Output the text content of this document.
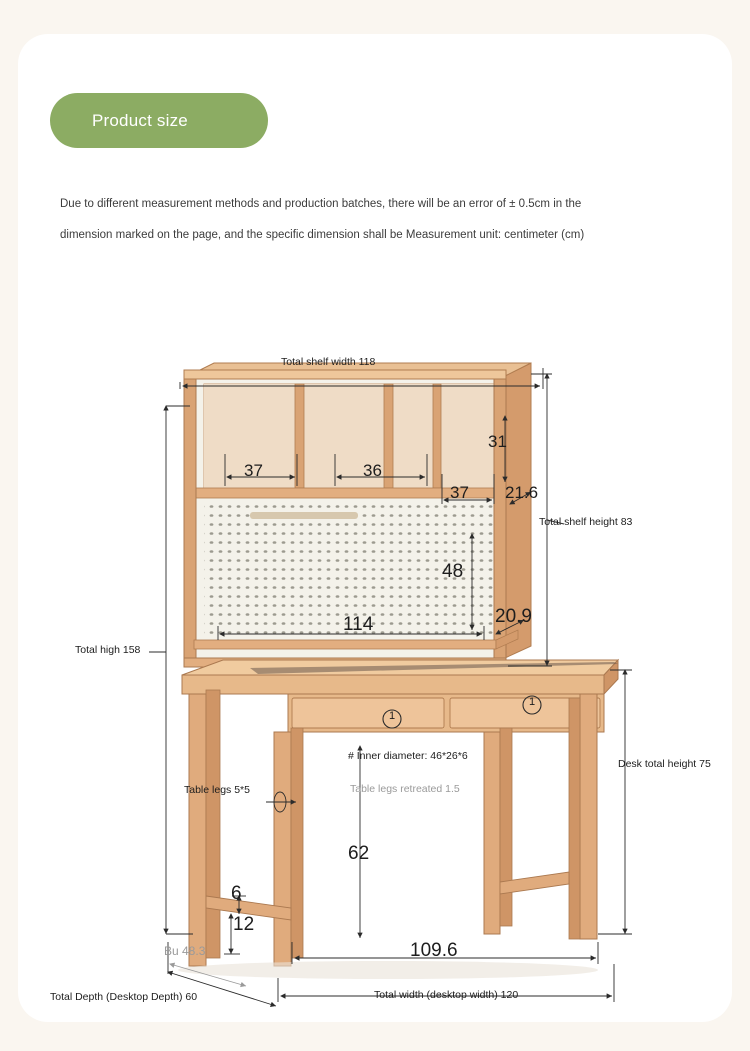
Product size
Due to different measurement methods and production batches, there will be an error of ± 0.5cm in the
dimension marked on the page, and the specific dimension shall be Measurement unit: centimeter (cm)
Total shelf width 118
37	36
37
31
21.6
Total shelf height 83
48
114	20.9
Total high 158
Desk total height 75
# Inner diameter: 46*26*6
Table legs retreated 1.5
Table legs 5*5
62
6
12
109.6
Bu 48.3
Total Depth (Desktop Depth) 60	Total width (desktop width) 120
1
1
